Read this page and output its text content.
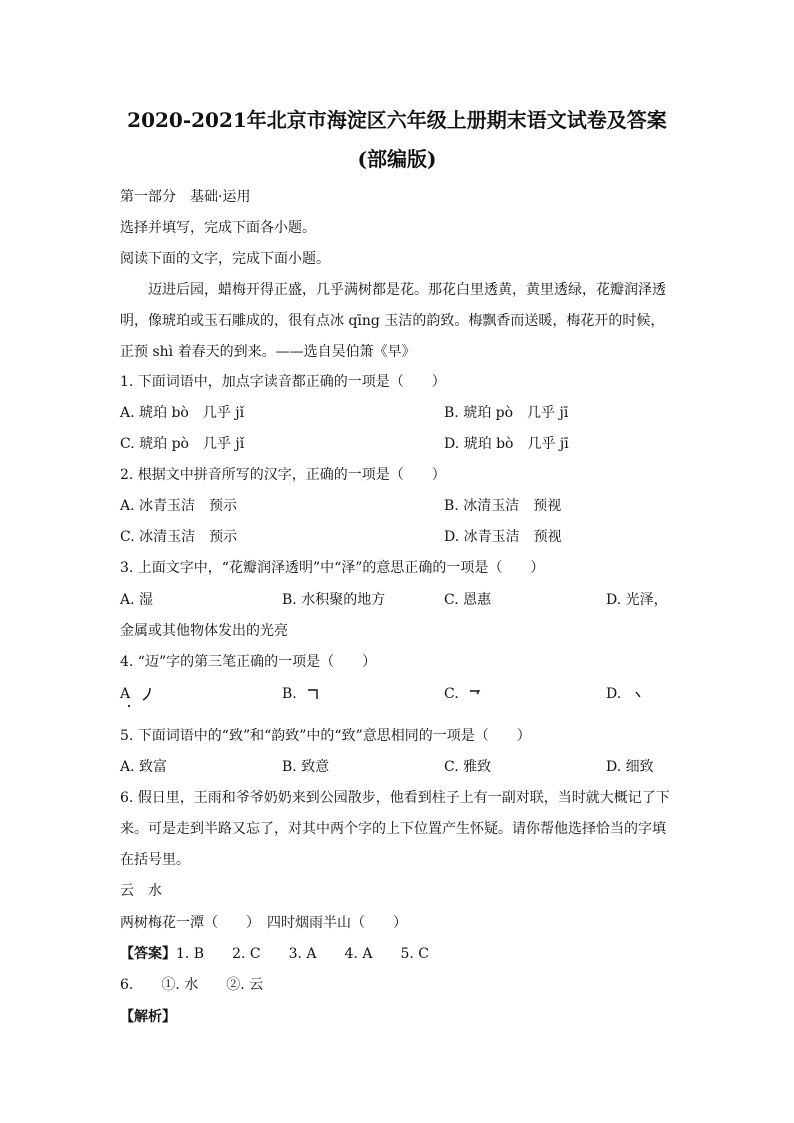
2020-2021年北京市海淀区六年级上册期末语文试卷及答案
(部编版)
第一部分　基础·运用
选择并填写，完成下面各小题。
阅读下面的文字，完成下面小题。
迈进后园，蜡梅开得正盛，几乎满树都是花。那花白里透黄，黄里透绿，花瓣润泽透明，像琥珀或玉石雕成的，很有点冰 qīng 玉洁的韵致。梅飘香而送暖，梅花开的时候，正预 shì 着春天的到来。——选自吴伯箫《早》
1. 下面词语中，加点字读音都正确的一项是（　　）
A. 琥珀 bò　几乎 jǐ	B. 琥珀 pò　几乎 jī
C. 琥珀 pò　几乎 jǐ	D. 琥珀 bò　几乎 jī
2. 根据文中拼音所写的汉字，正确的一项是（　　）
A. 冰青玉洁　预示	B. 冰清玉洁　预视
C. 冰清玉洁　预示	D. 冰青玉洁　预视
3. 上面文字中，“花瓣润泽透明”中“泽”的意思正确的一项是（　　）
A. 湿	B. 水积聚的地方	C. 恩惠	D. 光泽，
金属或其他物体发出的光亮
4. “迈”字的第三笔正确的一项是（　　）
A	B.	C.	D.
5. 下面词语中的“致”和“韵致”中的“致”意思相同的一项是（　　）
A. 致富	B. 致意	C. 雅致	D. 细致
6. 假日里，王雨和爷爷奶奶来到公园散步，他看到柱子上有一副对联，当时就大概记了下来。可是走到半路又忘了，对其中两个字的上下位置产生怀疑。请你帮他选择恰当的字填在括号里。
云　水
两树梅花一潭（　　）　四时烟雨半山（　　）
【答案】1. B　　2. C　　3. A　　4. A　　5. C
6.　　①. 水　　②. 云
【解析】
